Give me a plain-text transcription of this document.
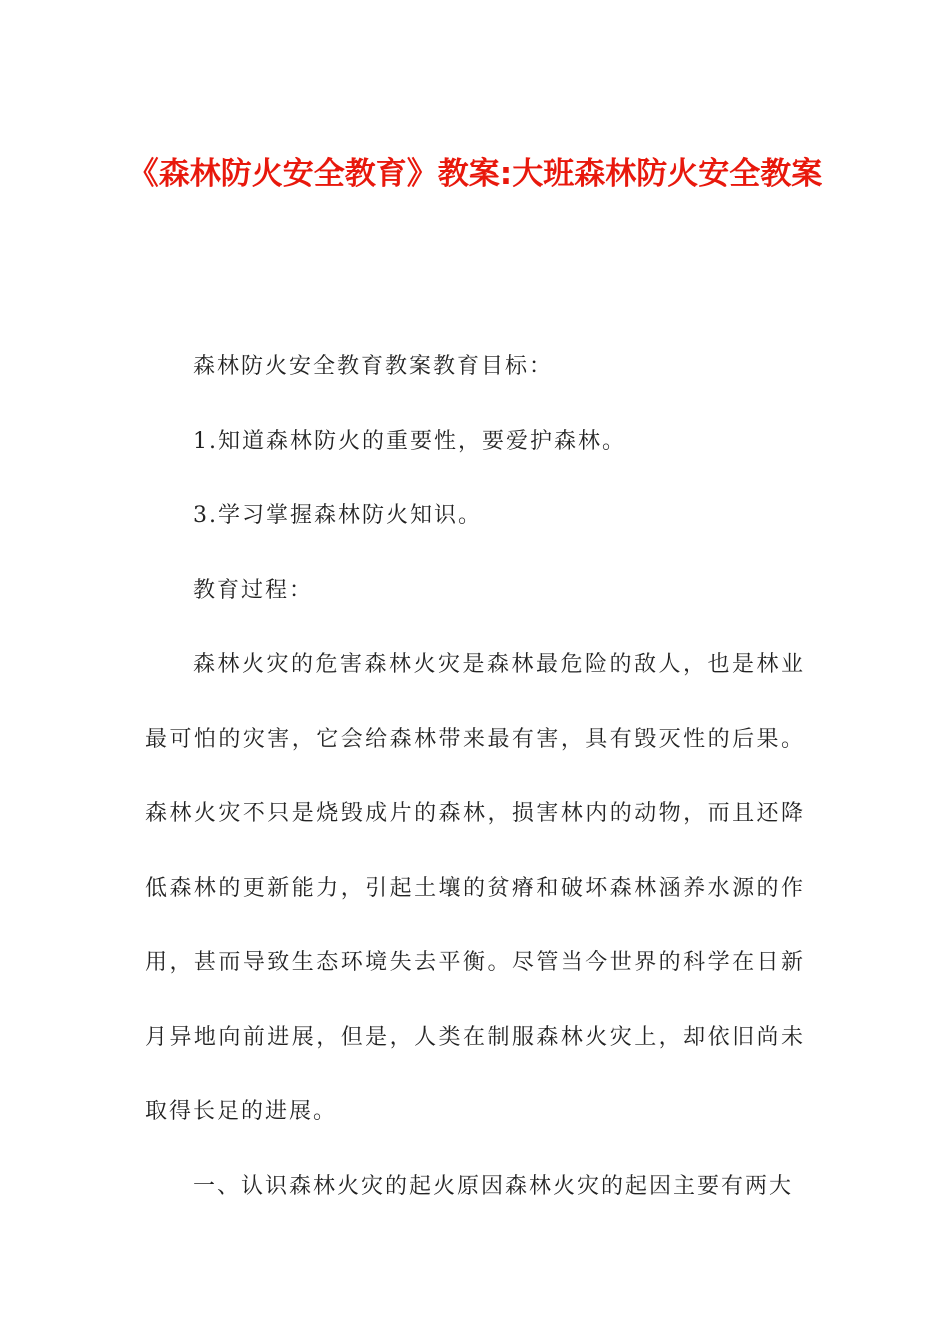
《森林防火安全教育》教案:大班森林防火安全教案

森林防火安全教育教案教育目标：

1.知道森林防火的重要性，要爱护森林。

3.学习掌握森林防火知识。

教育过程：

森林火灾的危害森林火灾是森林最危险的敌人，也是林业最可怕的灾害，它会给森林带来最有害，具有毁灭性的后果。森林火灾不只是烧毁成片的森林，损害林内的动物，而且还降低森林的更新能力，引起土壤的贫瘠和破坏森林涵养水源的作用，甚而导致生态环境失去平衡。尽管当今世界的科学在日新月异地向前进展，但是，人类在制服森林火灾上，却依旧尚未取得长足的进展。

一、认识森林火灾的起火原因森林火灾的起因主要有两大
